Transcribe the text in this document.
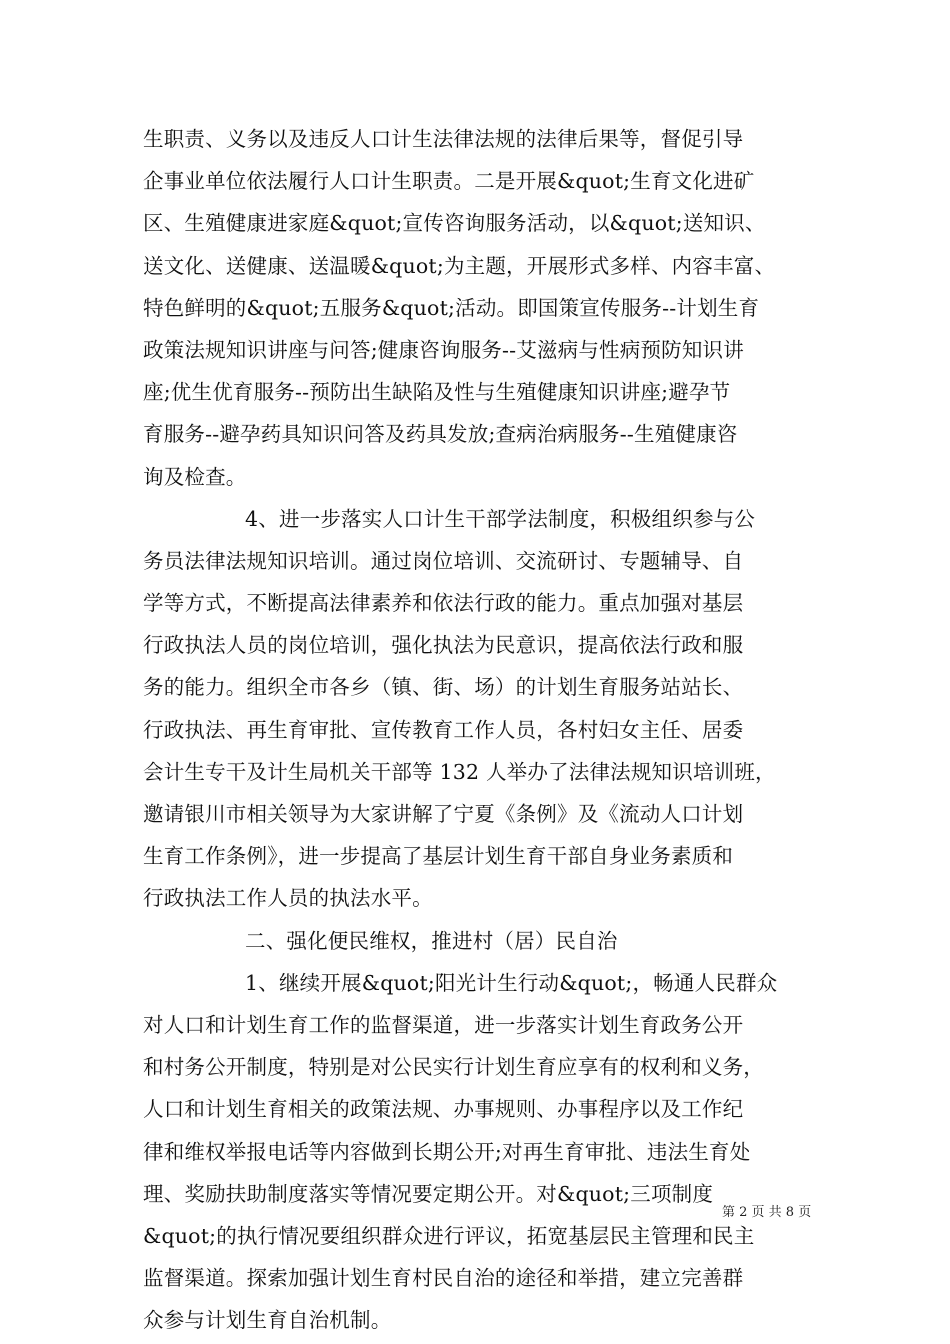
生职责、义务以及违反人口计生法律法规的法律后果等，督促引导
企事业单位依法履行人口计生职责。二是开展&quot;生育文化进矿
区、生殖健康进家庭&quot;宣传咨询服务活动，以&quot;送知识、
送文化、送健康、送温暖&quot;为主题，开展形式多样、内容丰富、
特色鲜明的&quot;五服务&quot;活动。即国策宣传服务--计划生育
政策法规知识讲座与问答;健康咨询服务--艾滋病与性病预防知识讲
座;优生优育服务--预防出生缺陷及性与生殖健康知识讲座;避孕节
育服务--避孕药具知识问答及药具发放;查病治病服务--生殖健康咨
询及检查。
4、进一步落实人口计生干部学法制度，积极组织参与公
务员法律法规知识培训。通过岗位培训、交流研讨、专题辅导、自
学等方式，不断提高法律素养和依法行政的能力。重点加强对基层
行政执法人员的岗位培训，强化执法为民意识，提高依法行政和服
务的能力。组织全市各乡（镇、街、场）的计划生育服务站站长、
行政执法、再生育审批、宣传教育工作人员，各村妇女主任、居委
会计生专干及计生局机关干部等 132 人举办了法律法规知识培训班，
邀请银川市相关领导为大家讲解了宁夏《条例》及《流动人口计划
生育工作条例》，进一步提高了基层计划生育干部自身业务素质和
行政执法工作人员的执法水平。
二、强化便民维权，推进村（居）民自治
1、继续开展&quot;阳光计生行动&quot;，畅通人民群众
对人口和计划生育工作的监督渠道，进一步落实计划生育政务公开
和村务公开制度，特别是对公民实行计划生育应享有的权利和义务，
人口和计划生育相关的政策法规、办事规则、办事程序以及工作纪
律和维权举报电话等内容做到长期公开;对再生育审批、违法生育处
理、奖励扶助制度落实等情况要定期公开。对&quot;三项制度
&quot;的执行情况要组织群众进行评议，拓宽基层民主管理和民主
监督渠道。探索加强计划生育村民自治的途径和举措，建立完善群
众参与计划生育自治机制。
第 2 页 共 8 页
